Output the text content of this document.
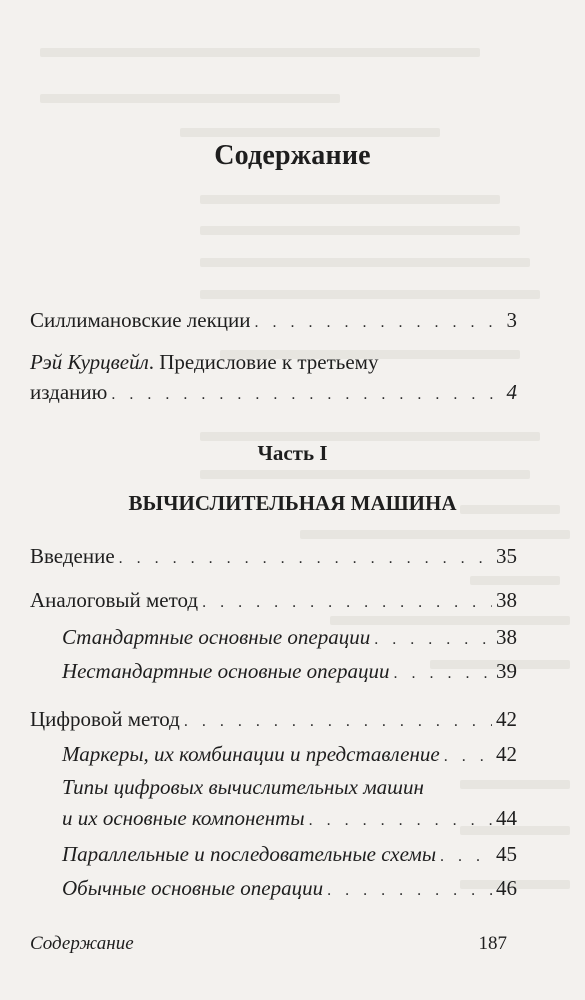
Содержание
Силлимановские лекции . . .	3
Рэй Курцвейл . Предисловие к третьему
изданию . . .	4
Часть I
ВЫЧИСЛИТЕЛЬНАЯ МАШИНА
Введение . . .	35
Аналоговый метод . . .	38
Стандартные основные операции . . .	38
Нестандартные основные операции . . .	39
Цифровой метод . . .	42
Маркеры, их комбинации и представление . . .	42
Типы цифровых вычислительных машин
и их основные компоненты . . .	44
Параллельные и последовательные схемы . . .	45
Обычные основные операции . . .	46
Содержание	187
